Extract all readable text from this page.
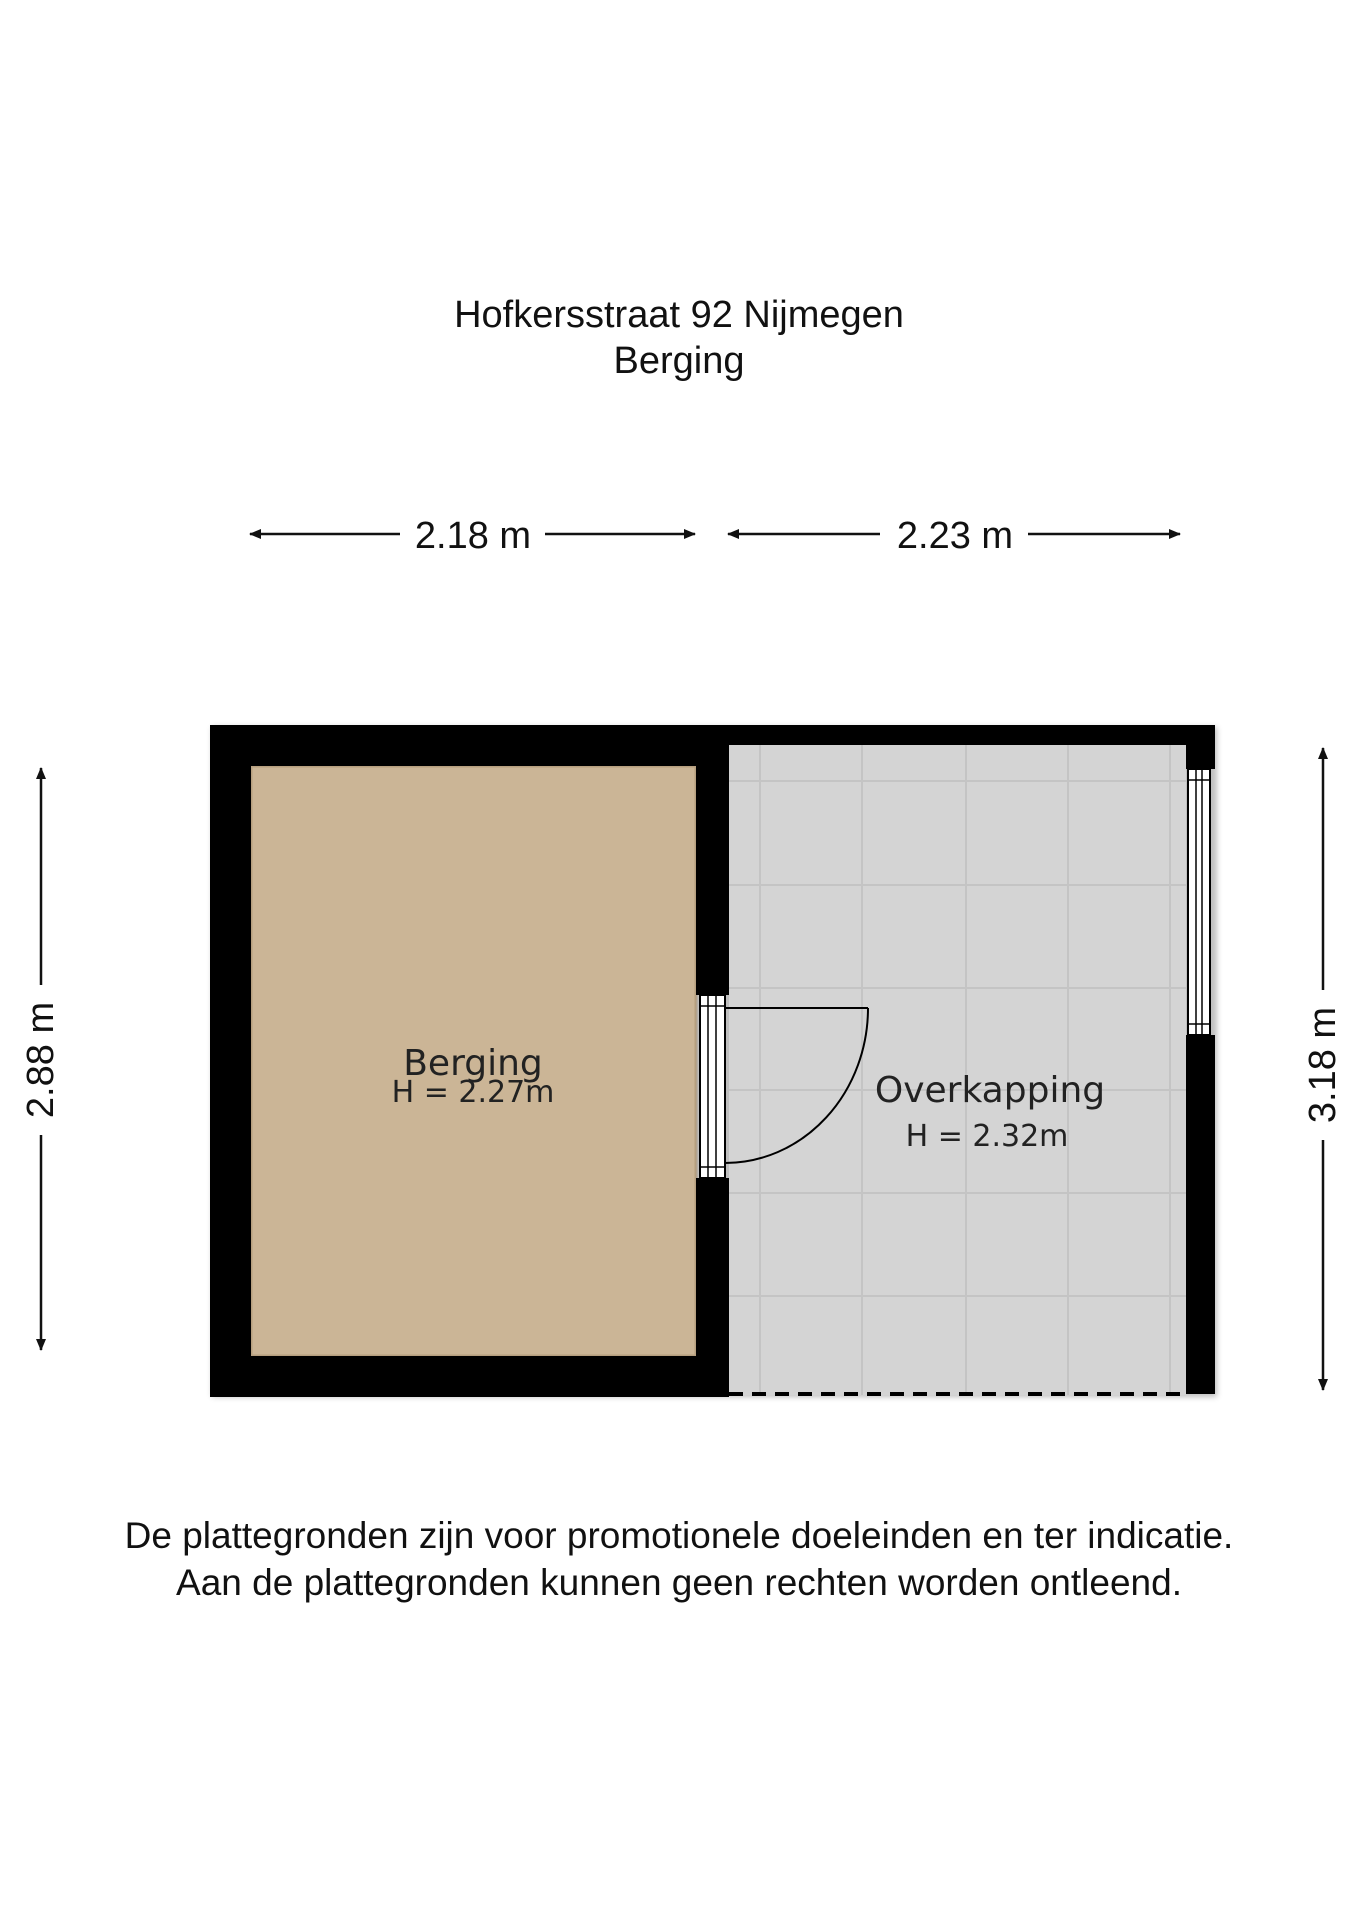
Hofkersstraat 92 Nijmegen
Berging
2.18 m	2.23 m
2.88 m	3.18 m
Berging
H = 2.27m	Overkapping
H = 2.32m
De plattegronden zijn voor promotionele doeleinden en ter indicatie.
Aan de plattegronden kunnen geen rechten worden ontleend.
